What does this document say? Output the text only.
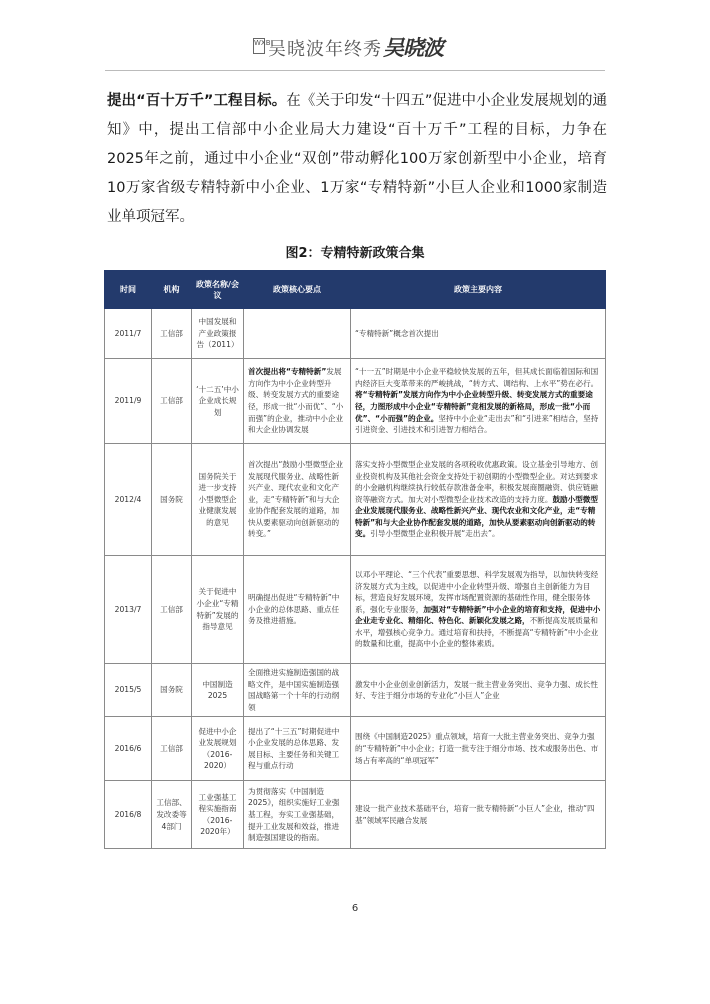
WXB
吴晓波年终秀 吴晓波
提出“百十万千”工程目标。在《关于印发“十四五”促进中小企业发展规划的通知》中，提出工信部中小企业局大力建设“百十万千”工程的目标，力争在2025年之前，通过中小企业“双创”带动孵化100万家创新型中小企业，培育10万家省级专精特新中小企业、1万家“专精特新”小巨人企业和1000家制造业单项冠军。
图2：专精特新政策合集
时间	机构	政策名称/会议	政策核心要点	政策主要内容
2011/7	工信部	中国发展和产业政策报告（2011）		“专精特新”概念首次提出
2011/9	工信部	‘十二五’中小企业成长规划	首次提出将“专精特新”发展方向作为中小企业转型升级、转变发展方式的重要途径，形成一批“小而优”、“小而强”的企业，推动中小企业和大企业协调发展	“十一五”时期是中小企业平稳较快发展的五年，但其成长面临着国际和国内经济巨大变革带来的严峻挑战，“转方式、调结构、上水平”势在必行。将“专精特新”发展方向作为中小企业转型升级、转变发展方式的重要途径，力图形成中小企业“专精特新”竞相发展的新格局，形成一批“小而优”、“小而强”的企业。坚持中小企业“走出去”和“引进来”相结合，坚持引进资金、引进技术和引进智力相结合。
2012/4	国务院	国务院关于进一步支持小型微型企业健康发展的意见	首次提出“鼓励小型微型企业发展现代服务业、战略性新兴产业、现代农业和文化产业，走“专精特新”和与大企业协作配套发展的道路，加快从要素驱动向创新驱动的转变。”	落实支持小型微型企业发展的各项税收优惠政策。设立基金引导地方、创业投资机构及其他社会资金支持处于初创期的小型微型企业。对达到要求的小金融机构继续执行较低存款准备金率，积极发展商圈融资、供应链融资等融资方式。加大对小型微型企业技术改造的支持力度。鼓励小型微型企业发展现代服务业、战略性新兴产业、现代农业和文化产业，走“专精特新”和与大企业协作配套发展的道路，加快从要素驱动向创新驱动的转变。引导小型微型企业积极开展“走出去”。
2013/7	工信部	关于促进中小企业“专精特新”发展的指导意见	明确提出促进“专精特新”中小企业的总体思路、重点任务及推进措施。	以邓小平理论、“三个代表”重要思想、科学发展观为指导，以加快转变经济发展方式为主线，以促进中小企业转型升级、增强自主创新能力为目标，营造良好发展环境，发挥市场配置资源的基础性作用，健全服务体系，强化专业服务，加强对“专精特新”中小企业的培育和支持，促进中小企业走专业化、精细化、特色化、新颖化发展之路，不断提高发展质量和水平，增强核心竞争力。通过培育和扶持，不断提高“专精特新”中小企业的数量和比重，提高中小企业的整体素质。
2015/5	国务院	中国制造2025	全面推进实施制造强国的战略文件，是中国实施制造强国战略第一个十年的行动纲领	激发中小企业创业创新活力，发展一批主营业务突出、竞争力强、成长性好、专注于细分市场的专业化“小巨人”企业
2016/6	工信部	促进中小企业发展规划（2016-2020）	提出了“十三五”时期促进中小企业发展的总体思路、发展目标、主要任务和关键工程与重点行动	围绕《中国制造2025》重点领域，培育一大批主营业务突出、竞争力强的“专精特新”中小企业；打造一批专注于细分市场、技术或服务出色、市场占有率高的“单项冠军”
2016/8	工信部、发改委等4部门	工业强基工程实施指南（2016-2020年）	为贯彻落实《中国制造2025》，组织实施好工业强基工程，夯实工业强基础，提升工业发展和效益，推进制造强国建设的指南。	建设一批产业技术基础平台，培育一批专精特新“小巨人”企业，推动“四基”领域军民融合发展
6
